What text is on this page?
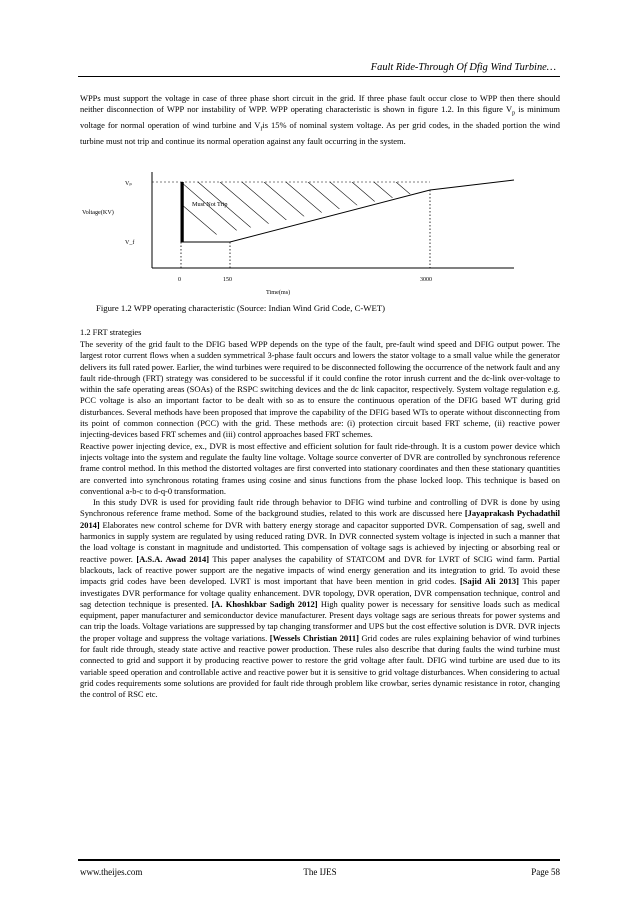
Fault Ride-Through Of Dfig Wind Turbine…

WPPs must support the voltage in case of three phase short circuit in the grid. If three phase fault occur close to WPP then there should neither disconnection of WPP nor instability of WPP. WPP operating characteristic is shown in figure 1.2. In this figure $V_p$ is minimum voltage for normal operation of wind turbine and $V_fis$ 15% of nominal system voltage. As per grid codes, in the shaded portion the wind turbine must not trip and continue its normal operation against any fault occurring in the system.

Vₚ
Voltage(KV)
V_f
Must Not Trip
0	150	3000
Time(ms)
Figure 1.2 WPP operating characteristic (Source: Indian Wind Grid Code, C-WET)
1.2 FRT strategies

The severity of the grid fault to the DFIG based WPP depends on the type of the fault, pre-fault wind speed and DFIG output power. The largest rotor current flows when a sudden symmetrical 3-phase fault occurs and lowers the stator voltage to a small value while the generator delivers its full rated power. Earlier, the wind turbines were required to be disconnected following the occurrence of the network fault and any fault ride-through (FRT) strategy was considered to be successful if it could confine the rotor inrush current and the dc-link over-voltage to within the safe operating areas (SOAs) of the RSPC switching devices and the dc link capacitor, respectively. System voltage regulation e.g. PCC voltage is also an important factor to be dealt with so as to ensure the continuous operation of the DFIG based WT during grid disturbances. Several methods have been proposed that improve the capability of the DFIG based WTs to operate without disconnecting from its point of common connection (PCC) with the grid. These methods are: (i) protection circuit based FRT scheme, (ii) reactive power injecting-devices based FRT schemes and (iii) control approaches based FRT schemes.

Reactive power injecting device, ex., DVR is most effective and efficient solution for fault ride-through. It is a custom power device which injects voltage into the system and regulate the faulty line voltage. Voltage source converter of DVR are controlled by synchronous reference frame control method. In this method the distorted voltages are first converted into stationary coordinates and then these stationary quantities are converted into synchronous rotating frames using cosine and sinus functions from the phase locked loop. This technique is based on conventional a-b-c to d-q-0 transformation.

In this study DVR is used for providing fault ride through behavior to DFIG wind turbine and controlling of DVR is done by using Synchronous reference frame method. Some of the background studies, related to this work are discussed here [Jayaprakash Pychadathil 2014] Elaborates new control scheme for DVR with battery energy storage and capacitor supported DVR. Compensation of sag, swell and harmonics in supply system are regulated by using reduced rating DVR. In DVR connected system voltage is injected in such a manner that the load voltage is constant in magnitude and undistorted. This compensation of voltage sags is achieved by injecting or absorbing real or reactive power. [A.S.A. Awad 2014] This paper analyses the capability of STATCOM and DVR for LVRT of SCIG wind farm. Partial blackouts, lack of reactive power support are the negative impacts of wind energy generation and its integration to grid. To avoid these impacts grid codes have been developed. LVRT is most important that have been mention in grid codes. [Sajid Ali 2013] This paper investigates DVR performance for voltage quality enhancement. DVR topology, DVR operation, DVR compensation technique, control and sag detection technique is presented. [A. Khoshkbar Sadigh 2012] High quality power is necessary for sensitive loads such as medical equipment, paper manufacturer and semiconductor device manufacturer. Present days voltage sags are serious threats for power systems and can trip the loads. Voltage variations are suppressed by tap changing transformer and UPS but the cost effective solution is DVR. DVR injects the proper voltage and suppress the voltage variations. [Wessels Christian 2011] Grid codes are rules explaining behavior of wind turbines for fault ride through, steady state active and reactive power production. These rules also describe that during faults the wind turbine must connected to grid and support it by producing reactive power to restore the grid voltage after fault. DFIG wind turbine are used due to its variable speed operation and controllable active and reactive power but it is sensitive to grid voltage disturbances. When considering to actual grid codes requirements some solutions are provided for fault ride through problem like crowbar, series dynamic resistance in rotor, changing the control of RSC etc.

www.theijes.com	The IJES	Page 58
